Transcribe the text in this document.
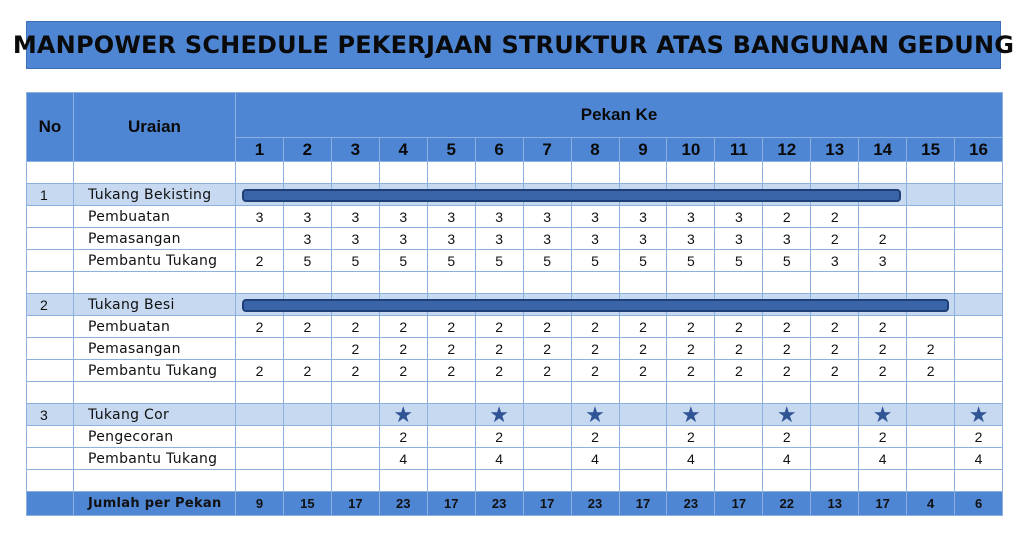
MANPOWER SCHEDULE PEKERJAAN STRUKTUR ATAS BANGUNAN GEDUNG
No	Uraian	Pekan Ke															
		1	2	3	4	5	6	7	8	9	10	11	12	13	14	15	16

1	Tukang Bekisting	

	Pembuatan	3	3	3	3	3	3	3	3	3	3	3	2	2			
	Pemasangan		3	3	3	3	3	3	3	3	3	3	3	2	2		
	Pembantu Tukang	2	5	5	5	5	5	5	5	5	5	5	5	3	3		

2	Tukang Besi	

	Pembuatan	2	2	2	2	2	2	2	2	2	2	2	2	2	2		
	Pemasangan			2	2	2	2	2	2	2	2	2	2	2	2	2	
	Pembantu Tukang	2	2	2	2	2	2	2	2	2	2	2	2	2	2	2	

3	Tukang Cor				★		★		★		★		★		★		★
	Pengecoran				2		2		2		2		2		2		2
	Pembantu Tukang				4		4		4		4		4		4		4

	Jumlah per Pekan	9	15	17	23	17	23	17	23	17	23	17	22	13	17	4	6
